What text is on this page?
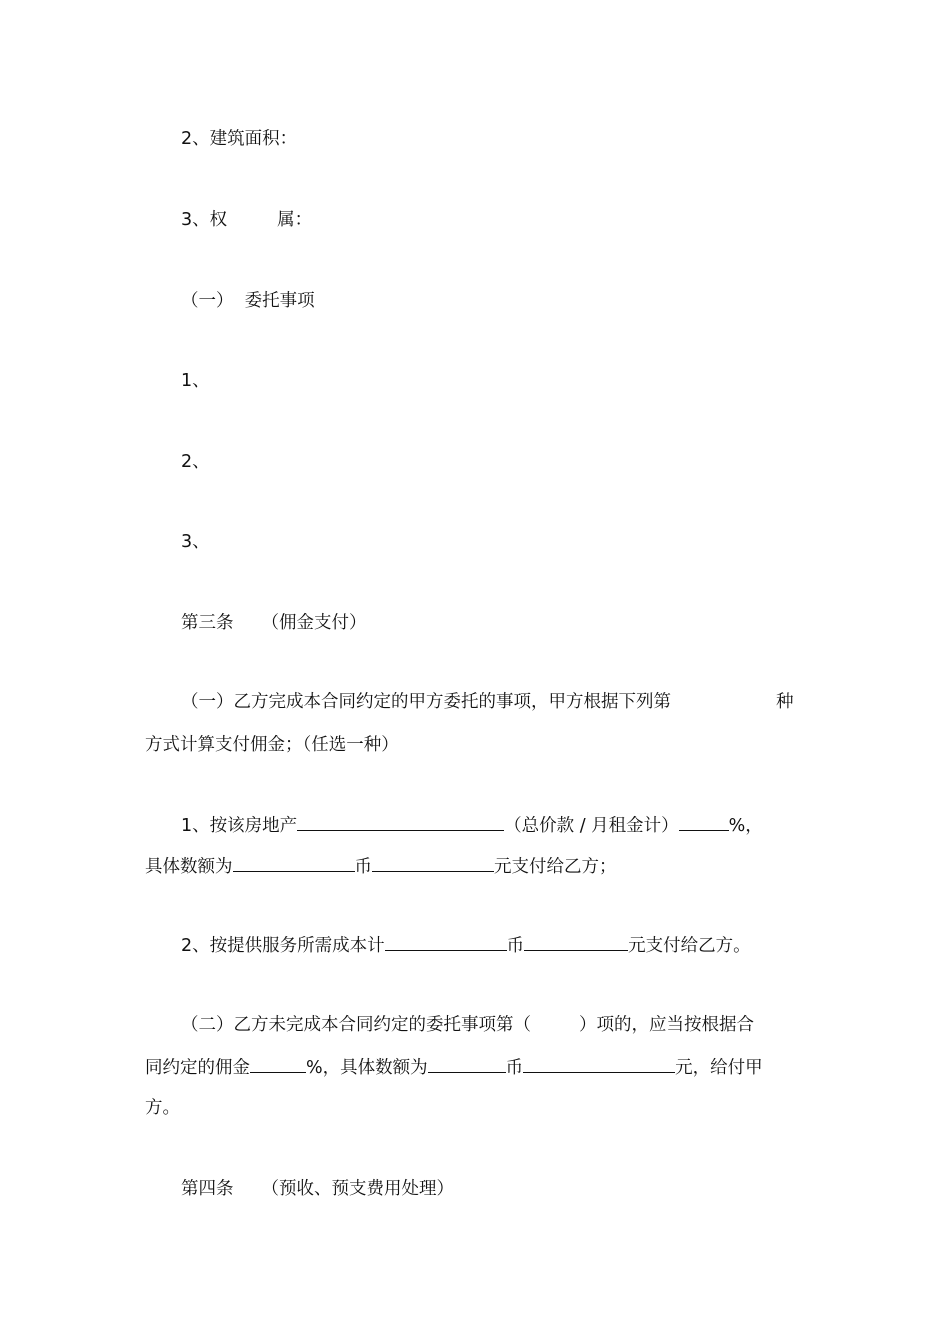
2、建筑面积：
3、权	属：
（一）  委托事项
1、
2、
3、
第三条 （佣金支付）
（一）乙方完成本合同约定的甲方委托的事项，甲方根据下列第	种
方式计算支付佣金；（任选一种）
1、按该房地产	（总价款 / 月租金计）	%，
具体数额为	币	元支付给乙方；
2、按提供服务所需成本计	币	元支付给乙方。
（二）乙方未完成本合同约定的委托事项第（	）项的，应当按根据合
同约定的佣金	%，具体数额为	币	元，给付甲
方。
第四条 （预收、预支费用处理）
